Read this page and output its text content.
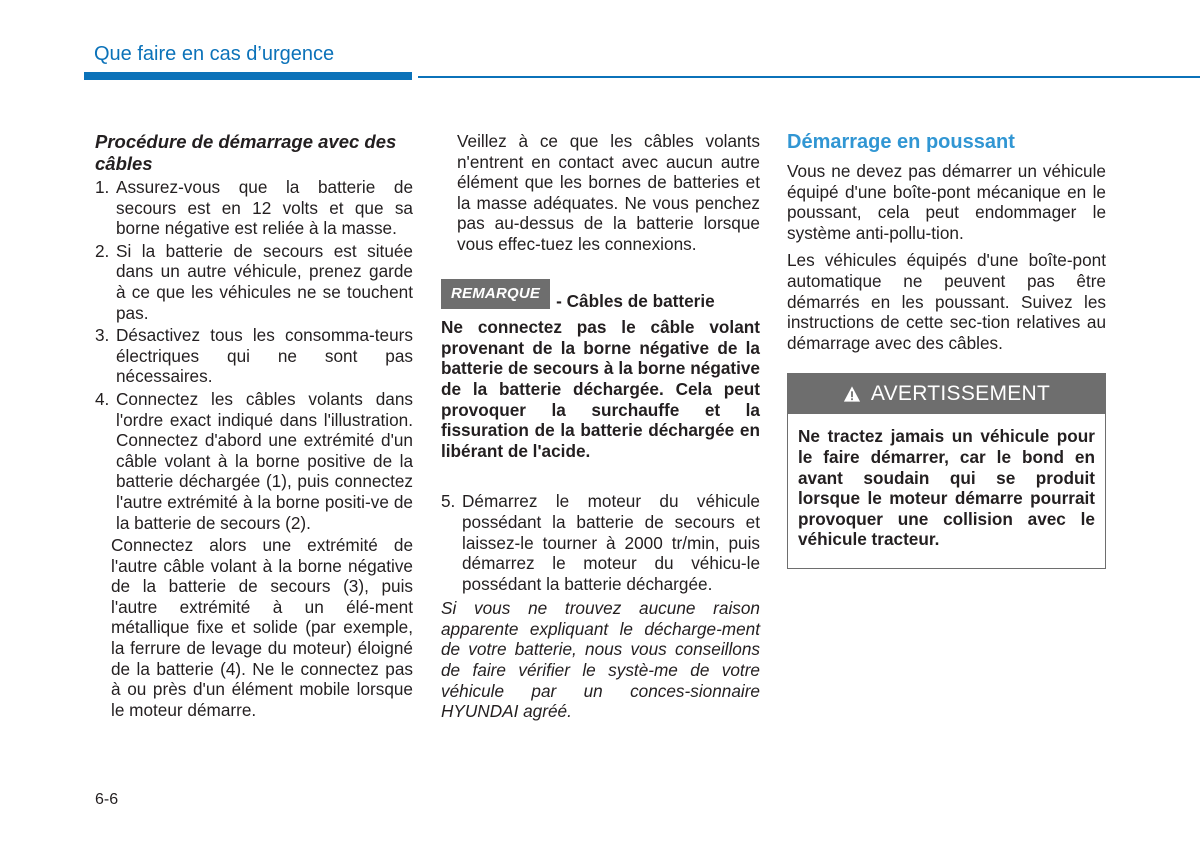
Que faire en cas d’urgence
Procédure de démarrage avec des câbles
1. Assurez-vous que la batterie de secours est en 12 volts et que sa borne négative est reliée à la masse.
2. Si la batterie de secours est située dans un autre véhicule, prenez garde à ce que les véhicules ne se touchent pas.
3. Désactivez tous les consomma-teurs électriques qui ne sont pas nécessaires.
4. Connectez les câbles volants dans l'ordre exact indiqué dans l'illustration. Connectez d'abord une extrémité d'un câble volant à la borne positive de la batterie déchargée (1), puis connectez l'autre extrémité à la borne positi-ve de la batterie de secours (2).
Connectez alors une extrémité de l'autre câble volant à la borne négative de la batterie de secours (3), puis l'autre extrémité à un élé-ment métallique fixe et solide (par exemple, la ferrure de levage du moteur) éloigné de la batterie (4). Ne le connectez pas à ou près d'un élément mobile lorsque le moteur démarre.
Veillez à ce que les câbles volants n'entrent en contact avec aucun autre élément que les bornes de batteries et la masse adéquates. Ne vous penchez pas au-dessus de la batterie lorsque vous effec-tuez les connexions.
REMARQUE - Câbles de batterie
Ne connectez pas le câble volant provenant de la borne négative de la batterie de secours à la borne négative de la batterie déchargée. Cela peut provoquer la surchauffe et la fissuration de la batterie déchargée en libérant de l'acide.
5. Démarrez le moteur du véhicule possédant la batterie de secours et laissez-le tourner à 2000 tr/min, puis démarrez le moteur du véhicu-le possédant la batterie déchargée.
Si vous ne trouvez aucune raison apparente expliquant le décharge-ment de votre batterie, nous vous conseillons de faire vérifier le systè-me de votre véhicule par un conces-sionnaire HYUNDAI agréé.
Démarrage en poussant
Vous ne devez pas démarrer un véhicule équipé d'une boîte-pont mécanique en le poussant, cela peut endommager le système anti-pollu-tion.
Les véhicules équipés d'une boîte-pont automatique ne peuvent pas être démarrés en les poussant. Suivez les instructions de cette sec-tion relatives au démarrage avec des câbles.
AVERTISSEMENT
Ne tractez jamais un véhicule pour le faire démarrer, car le bond en avant soudain qui se produit lorsque le moteur démarre pourrait provoquer une collision avec le véhicule tracteur.
6-6
